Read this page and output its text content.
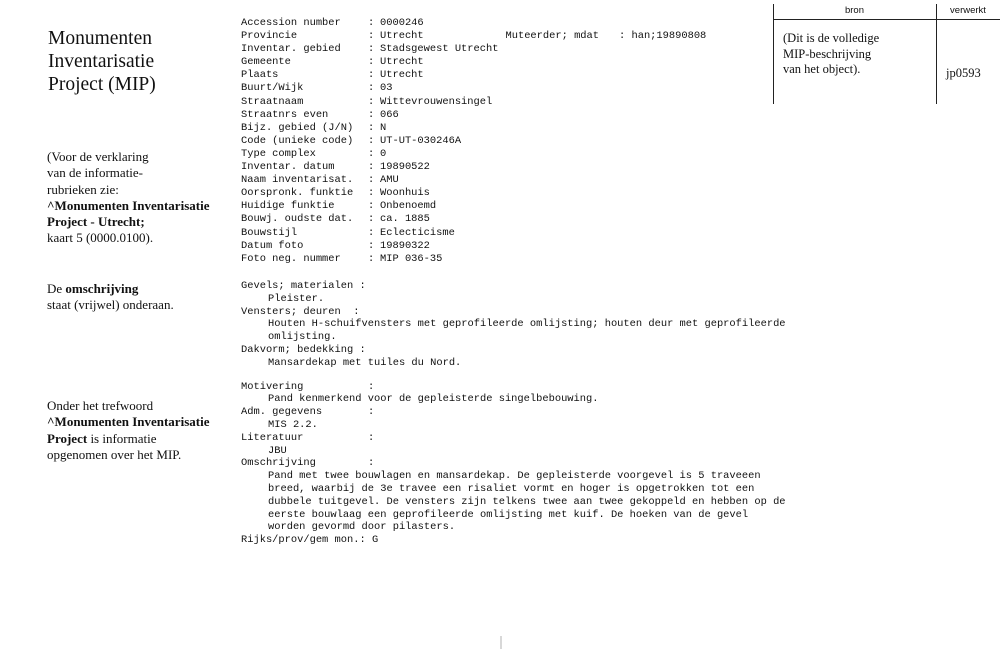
Monumenten
Inventarisatie
Project (MIP)
(Voor de verklaring
van de informatie-
rubrieken zie:
^Monumenten Inventarisatie
Project - Utrecht;
kaart 5 (0000.0100).
De omschrijving
staat (vrijwel) onderaan.
Onder het trefwoord
^Monumenten Inventarisatie
Project is informatie
opgenomen over het MIP.
Accession number	: 0000246
Provincie	: Utrecht
Inventar. gebied	: Stadsgewest Utrecht
Gemeente	: Utrecht
Plaats	: Utrecht
Buurt/Wijk	: 03
Straatnaam	: Wittevrouwensingel
Straatnrs even	: 066
Bijz. gebied (J/N) : N
Code (unieke code) : UT-UT-030246A
Type complex	: 0
Inventar. datum	: 19890522
Naam inventarisat. : AMU
Oorspronk. funktie : Woonhuis
Huidige funktie	: Onbenoemd
Bouwj. oudste dat. : ca. 1885
Bouwstijl	: Eclecticisme
Datum foto	: 19890322
Foto neg. nummer	: MIP 036-35

Muteerder; mdat : han;19890808

Gevels; materialen :
Pleister.
Vensters; deuren  :
Houten H-schuifvensters met geprofileerde omlijsting; houten deur met geprofileerde omlijsting.
Dakvorm; bedekking :
Mansardekap met tuiles du Nord.
Motivering	:
Pand kenmerkend voor de gepleisterde singelbebouwing.
Adm. gegevens	:
MIS 2.2.
Literatuur	:
JBU
Omschrijving	:
Pand met twee bouwlagen en mansardekap. De gepleisterde voorgevel is 5 traveeen breed, waarbij de 3e travee een risaliet vormt en hoger is opgetrokken tot een dubbele tuitgevel. De vensters zijn telkens twee aan twee gekoppeld en hebben op de eerste bouwlaag een geprofileerde omlijsting met kuif. De hoeken van de gevel worden gevormd door pilasters.
Rijks/prov/gem mon.: G
bron	verwerkt
(Dit is de volledige
MIP-beschrijving
van het object).	jp0593
